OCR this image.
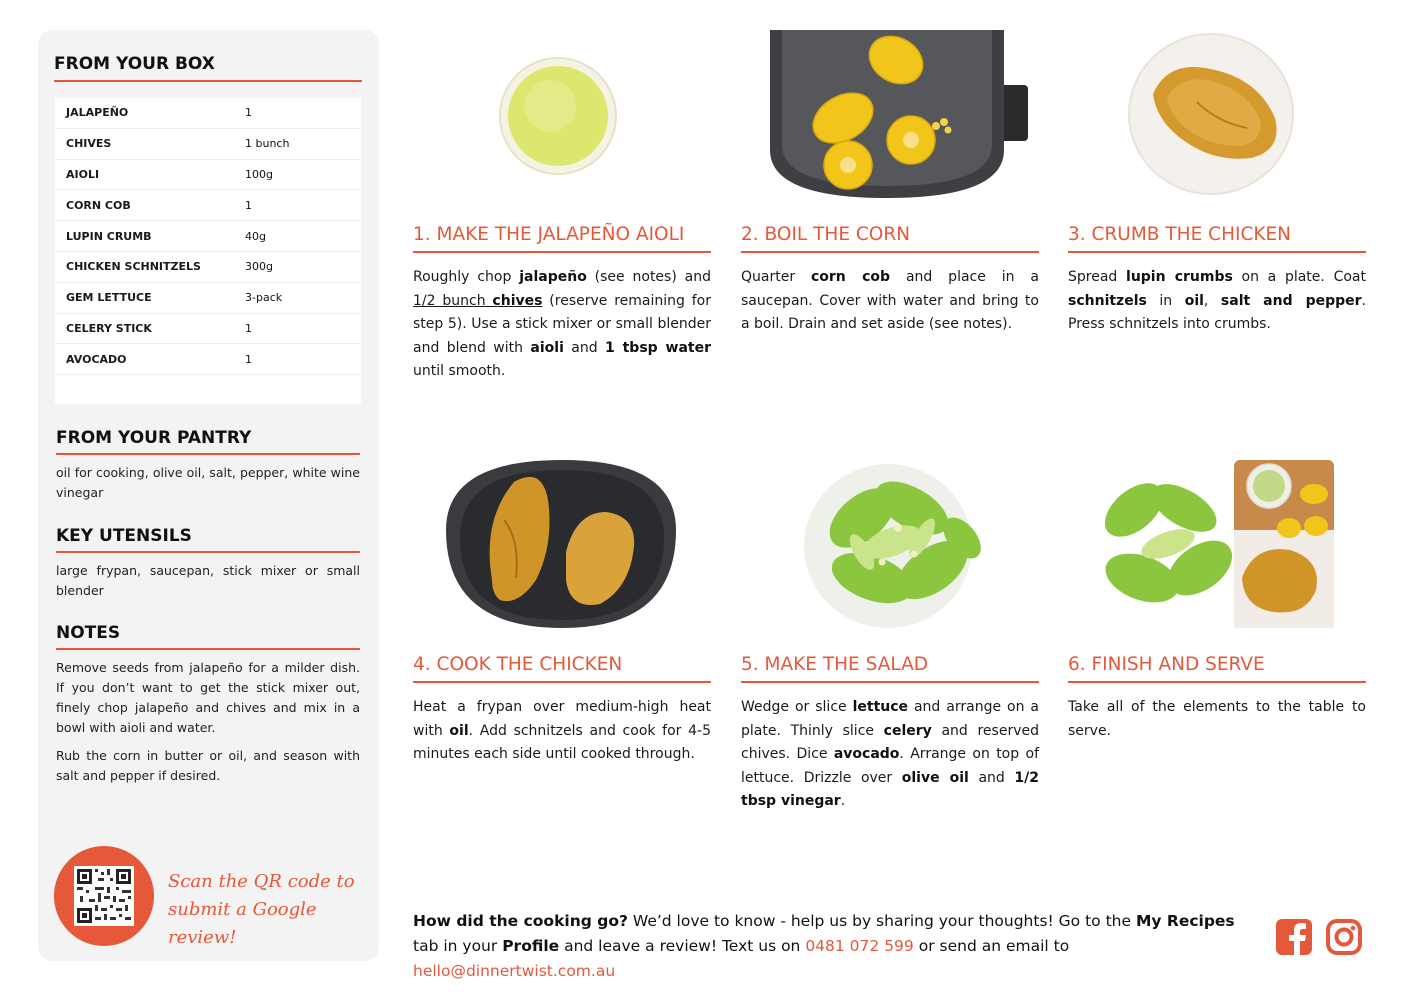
FROM YOUR BOX
JALAPEÑO	1
CHIVES	1 bunch
AIOLI	100g
CORN COB	1
LUPIN CRUMB	40g
CHICKEN SCHNITZELS	300g
GEM LETTUCE	3-pack
CELERY STICK	1
AVOCADO	1
FROM YOUR PANTRY
oil for cooking, olive oil, salt, pepper, white wine vinegar
KEY UTENSILS
large frypan, saucepan, stick mixer or small blender
NOTES
Remove seeds from jalapeño for a milder dish. If you don’t want to get the stick mixer out, finely chop jalapeño and chives and mix in a bowl with aioli and water.
Rub the corn in butter or oil, and season with salt and pepper if desired.
Scan the QR code to
submit a Google review!
1. MAKE THE JALAPEÑO AIOLI
Roughly chop jalapeño (see notes) and 1/2 bunch chives (reserve remaining for step 5). Use a stick mixer or small blender and blend with aioli and 1 tbsp water until smooth.
2. BOIL THE CORN
Quarter corn cob and place in a saucepan. Cover with water and bring to a boil. Drain and set aside (see notes).
3. CRUMB THE CHICKEN
Spread lupin crumbs on a plate. Coat schnitzels in oil, salt and pepper. Press schnitzels into crumbs.
4. COOK THE CHICKEN
Heat a frypan over medium-high heat with oil. Add schnitzels and cook for 4-5 minutes each side until cooked through.
5. MAKE THE SALAD
Wedge or slice lettuce and arrange on a plate. Thinly slice celery and reserved chives. Dice avocado. Arrange on top of lettuce. Drizzle over olive oil and 1/2 tbsp vinegar.
6. FINISH AND SERVE
Take all of the elements to the table to serve.
How did the cooking go? We’d love to know - help us by sharing your thoughts! Go to the My Recipes tab in your Profile and leave a review! Text us on 0481 072 599 or send an email to hello@dinnertwist.com.au
